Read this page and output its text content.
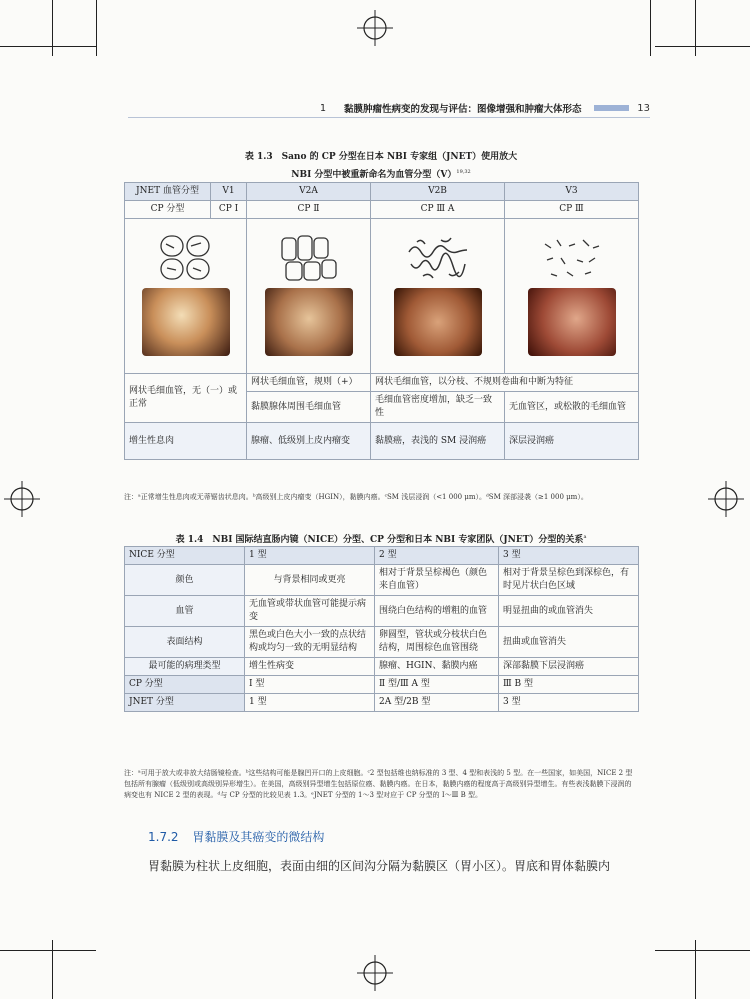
1 黏膜肿瘤性病变的发现与评估：图像增强和肿瘤大体形态	13
表 1.3　Sano 的 CP 分型在日本 NBI 专家组（JNET）使用放大
NBI 分型中被重新命名为血管分型$(V)^{19,32}$
JNET 血管分型	V1	V2A	V2B	V3
CP 分型	CP Ⅰ	CP Ⅱ	CP Ⅲ A	CP Ⅲ

网状毛细血管，无（一）或正常		网状毛细血管，规则（+）	网状毛细血管，以分枝、不规则卷曲和中断为特征	
		黏膜腺体周围毛细血管	毛细血管密度增加，缺乏一致性	无血管区，或松散的毛细血管
增生性息肉		腺瘤、低级别上皮内瘤变	黏膜癌，表浅的 SM 浸润癌	深层浸润癌
注：ᵃ正常增生性息肉或无蒂锯齿状息肉。ᵇ高级别上皮内瘤变（HGIN），黏膜内癌。ᶜSM 浅层浸润（<1 000 μm）。ᵈSM 深部浸袭（≥1 000 μm）。
表 1.4　NBI 国际结直肠内镜（NICE）分型、CP 分型和日本 NBI 专家团队（JNET）分型的关系$^a$
NICE 分型	1 型	2 型	3 型
颜色	与背景相同或更亮	相对于背景呈棕褐色（颜色来自血管）	相对于背景呈棕色到深棕色，有时见片状白色区域
血管	无血管或带状血管可能提示病变	围绕白色结构的增粗的血管	明显扭曲的或血管消失
表面结构	黑色或白色大小一致的点状结构或均匀一致的无明显结构	卵圆型，管状或分枝状白色结构，周围棕色血管围绕	扭曲或血管消失
最可能的病理类型	增生性病变	腺瘤、HGIN、黏膜内癌	深部黏膜下层浸润癌
CP 分型	Ⅰ 型	Ⅱ 型/Ⅲ A 型	Ⅲ B 型
JNET 分型	1 型	2A 型/2B 型	3 型
注：ᵃ可用于放大或非放大结肠镜检查。ᵇ这些结构可能是腺凹开口的上皮细胞。ᶜ2 型包括维也纳标准的 3 型、4 型和表浅的 5 型。在一些国家，如美国，NICE 2 型包括所有腺瘤（低级别或高级别异形增生）。在美国，高级别异型增生包括原位癌、黏膜内癌。在日本，黏膜内癌的程度高于高级别异型增生。有些表浅黏膜下浸润的病变也有 NICE 2 型的表现。ᵈ与 CP 分型的比较见表 1.3。ᵉJNET 分型的 1～3 型对应于 CP 分型的 Ⅰ～Ⅲ B 型。
1.7.2 胃黏膜及其癌变的微结构
胃黏膜为柱状上皮细胞，表面由细的区间沟分隔为黏膜区（胃小区）。胃底和胃体黏膜内
